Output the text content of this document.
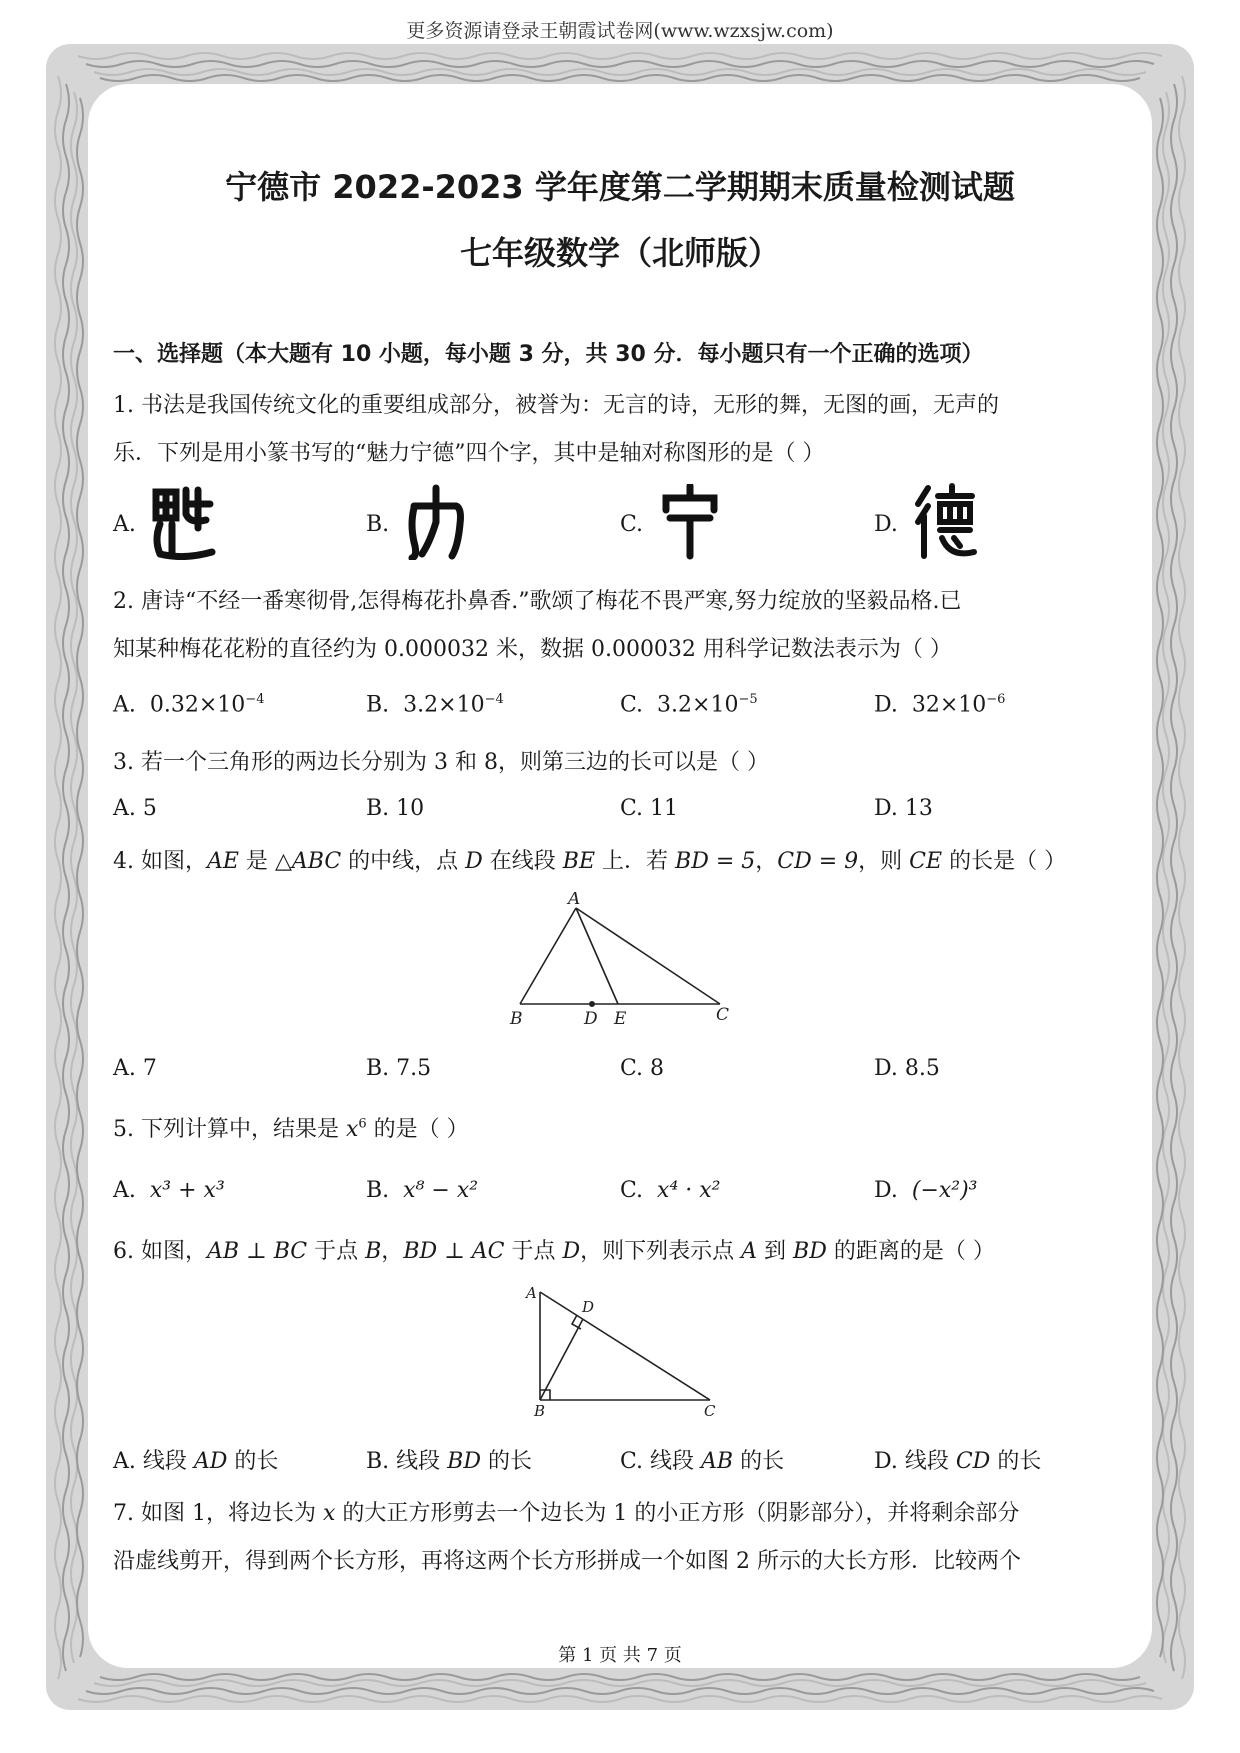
更多资源请登录王朝霞试卷网(www.wzxsjw.com)
宁德市 2022-2023 学年度第二学期期末质量检测试题
七年级数学（北师版）
一、选择题（本大题有 10 小题，每小题 3 分，共 30 分．每小题只有一个正确的选项）
1. 书法是我国传统文化的重要组成部分，被誉为：无言的诗，无形的舞，无图的画，无声的
乐．下列是用小篆书写的“魅力宁德”四个字，其中是轴对称图形的是（ ）
A.	B.	C.	D.
2. 唐诗“不经一番寒彻骨,怎得梅花扑鼻香.”歌颂了梅花不畏严寒,努力绽放的坚毅品格.已
知某种梅花花粉的直径约为 0.000032 米，数据 0.000032 用科学记数法表示为（ ）
A. $0.32\times 10^{-4}$	B. $3.2\times 10^{-4}$	C. $3.2\times 10^{-5}$	D. $32\times 10^{-6}$
3. 若一个三角形的两边长分别为 3 和 8，则第三边的长可以是（ ）
A. 5	B. 10	C. 11	D. 13
4. 如图，AE 是 △ABC 的中线，点 D 在线段 BE 上．若 BD = 5，CD = 9，则 CE 的长是（ ）
A
B	D E	C
A. 7	B. 7.5	C. 8	D. 8.5
5. 下列计算中，结果是 $x^6$ 的是（ ）
A. x³ + x³	B. x⁸ − x²	C. x⁴ · x²	D. (−x²)³
6. 如图，AB ⊥ BC 于点 B，BD ⊥ AC 于点 D，则下列表示点 A 到 BD 的距离的是（ ）
A
D
B	C
A. 线段 AD 的长	B. 线段 BD 的长	C. 线段 AB 的长	D. 线段 CD 的长
7. 如图 1，将边长为 x 的大正方形剪去一个边长为 1 的小正方形（阴影部分），并将剩余部分
沿虚线剪开，得到两个长方形，再将这两个长方形拼成一个如图 2 所示的大长方形．比较两个
第 1 页 共 7 页
